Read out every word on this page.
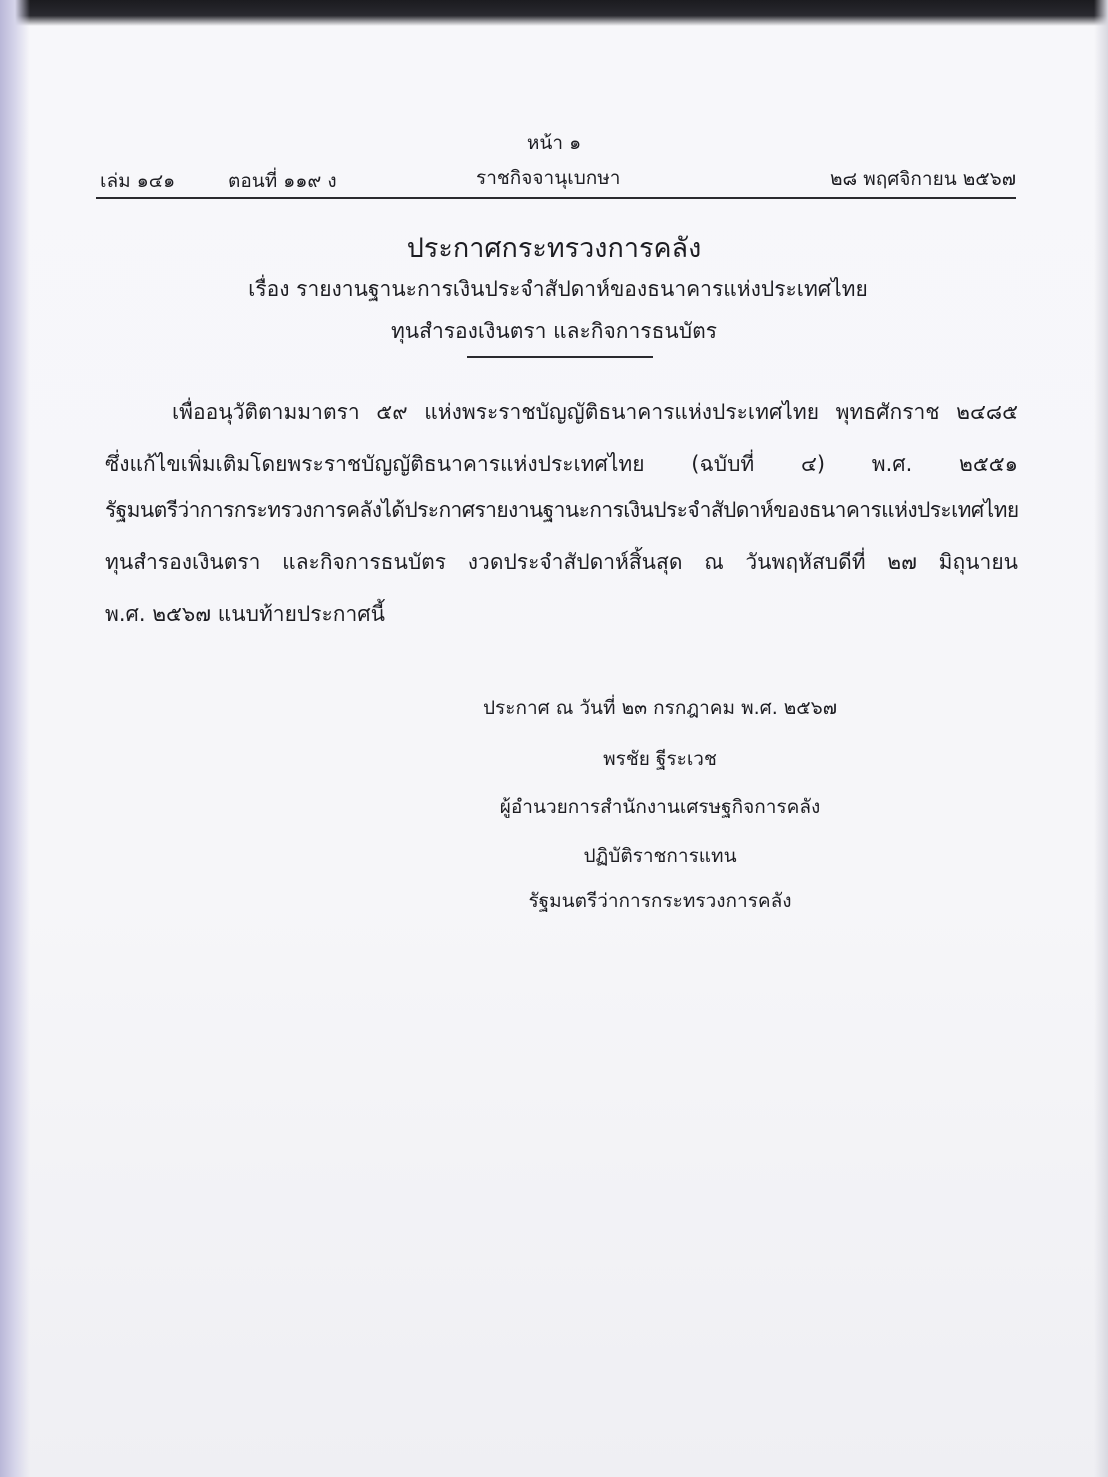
หน้า ๑
เล่ม ๑๔๑	ตอนที่ ๑๑๙ ง	ราชกิจจานุเบกษา	๒๘ พฤศจิกายน ๒๕๖๗
ประกาศกระทรวงการคลัง
เรื่อง รายงานฐานะการเงินประจำสัปดาห์ของธนาคารแห่งประเทศไทย
ทุนสำรองเงินตรา และกิจการธนบัตร
เพื่ออนุวัติตามมาตรา ๕๙ แห่งพระราชบัญญัติธนาคารแห่งประเทศไทย พุทธศักราช ๒๔๘๕
ซึ่งแก้ไขเพิ่มเติมโดยพระราชบัญญัติธนาคารแห่งประเทศไทย (ฉบับที่ ๔) พ.ศ. ๒๕๕๑
รัฐมนตรีว่าการกระทรวงการคลังได้ประกาศรายงานฐานะการเงินประจำสัปดาห์ของธนาคารแห่งประเทศไทย
ทุนสำรองเงินตรา และกิจการธนบัตร งวดประจำสัปดาห์สิ้นสุด ณ วันพฤหัสบดีที่ ๒๗ มิถุนายน
พ.ศ. ๒๕๖๗ แนบท้ายประกาศนี้
ประกาศ ณ วันที่ ๒๓ กรกฎาคม พ.ศ. ๒๕๖๗
พรชัย ฐีระเวช
ผู้อำนวยการสำนักงานเศรษฐกิจการคลัง
ปฏิบัติราชการแทน
รัฐมนตรีว่าการกระทรวงการคลัง
